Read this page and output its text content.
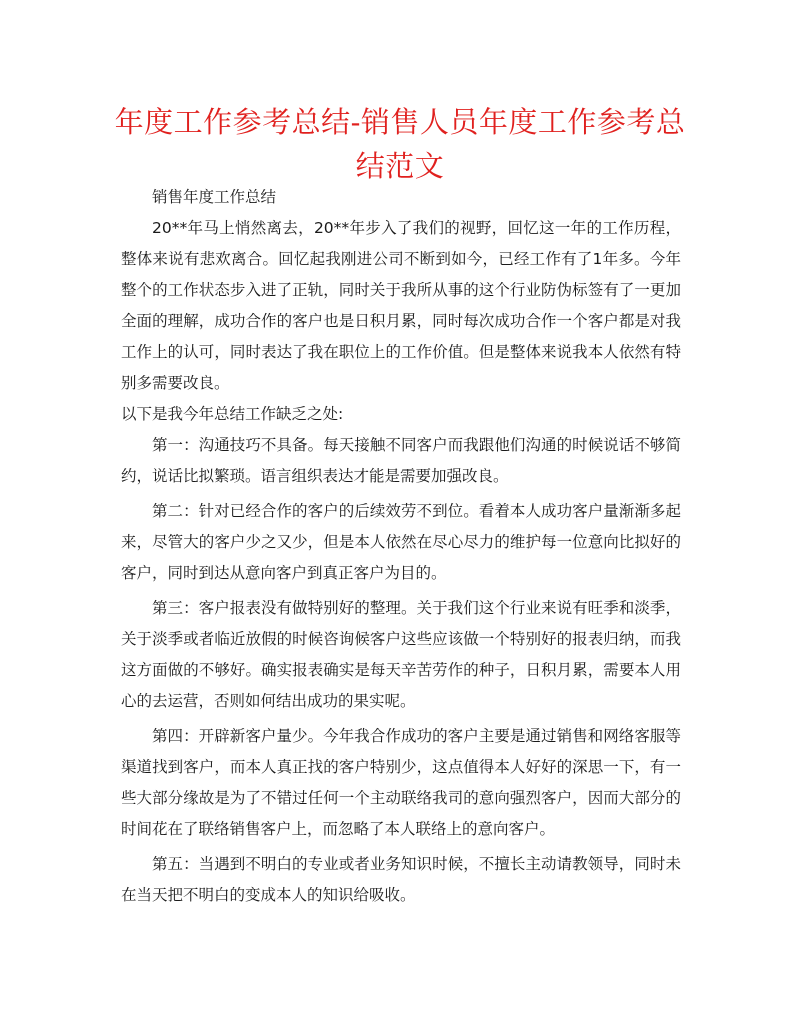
年度工作参考总结-销售人员年度工作参考总结范文

销售年度工作总结

20**年马上悄然离去，20**年步入了我们的视野，回忆这一年的工作历程，整体来说有悲欢离合。回忆起我刚进公司不断到如今，已经工作有了1年多。今年整个的工作状态步入进了正轨，同时关于我所从事的这个行业防伪标签有了一更加全面的理解，成功合作的客户也是日积月累，同时每次成功合作一个客户都是对我工作上的认可，同时表达了我在职位上的工作价值。但是整体来说我本人依然有特别多需要改良。

以下是我今年总结工作缺乏之处:

第一：沟通技巧不具备。每天接触不同客户而我跟他们沟通的时候说话不够简约，说话比拟繁琐。语言组织表达才能是需要加强改良。

第二：针对已经合作的客户的后续效劳不到位。看着本人成功客户量渐渐多起来，尽管大的客户少之又少，但是本人依然在尽心尽力的维护每一位意向比拟好的客户，同时到达从意向客户到真正客户为目的。

第三：客户报表没有做特别好的整理。关于我们这个行业来说有旺季和淡季，关于淡季或者临近放假的时候咨询候客户这些应该做一个特别好的报表归纳，而我这方面做的不够好。确实报表确实是每天辛苦劳作的种子，日积月累，需要本人用心的去运营，否则如何结出成功的果实呢。

第四：开辟新客户量少。今年我合作成功的客户主要是通过销售和网络客服等渠道找到客户，而本人真正找的客户特别少，这点值得本人好好的深思一下，有一些大部分缘故是为了不错过任何一个主动联络我司的意向强烈客户，因而大部分的时间花在了联络销售客户上，而忽略了本人联络上的意向客户。

第五：当遇到不明白的专业或者业务知识时候，不擅长主动请教领导，同时未在当天把不明白的变成本人的知识给吸收。
